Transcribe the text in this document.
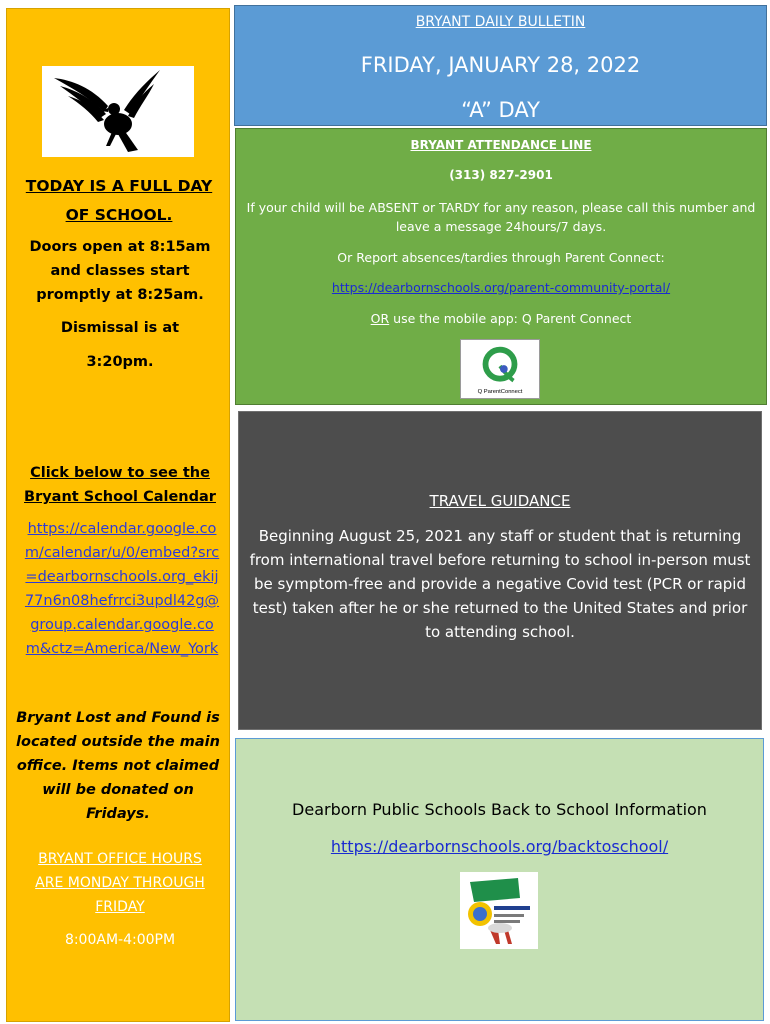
TODAY IS A FULL DAY OF SCHOOL.
Doors open at 8:15am and classes start promptly at 8:25am.
Dismissal is at
3:20pm.
Click below to see the Bryant School Calendar
https://calendar.google.com/calendar/u/0/embed?src=dearbornschools.org_ekij77n6n08hefrrci3updl42g@group.calendar.google.com&ctz=America/New_York
Bryant Lost and Found is located outside the main office. Items not claimed will be donated on Fridays.
BRYANT OFFICE HOURS ARE MONDAY THROUGH FRIDAY
8:00AM-4:00PM
BRYANT DAILY BULLETIN
FRIDAY, JANUARY 28, 2022
“A” DAY
BRYANT ATTENDANCE LINE
(313) 827-2901
If your child will be ABSENT or TARDY for any reason, please call this number and leave a message 24hours/7 days.
Or Report absences/tardies through Parent Connect:
https://dearbornschools.org/parent-community-portal/
OR use the mobile app: Q Parent Connect
Q ParentConnect
TRAVEL GUIDANCE
Beginning August 25, 2021 any staff or student that is returning from international travel before returning to school in-person must be symptom-free and provide a negative Covid test (PCR or rapid test) taken after he or she returned to the United States and prior to attending school.
Dearborn Public Schools Back to School Information
https://dearbornschools.org/backtoschool/
